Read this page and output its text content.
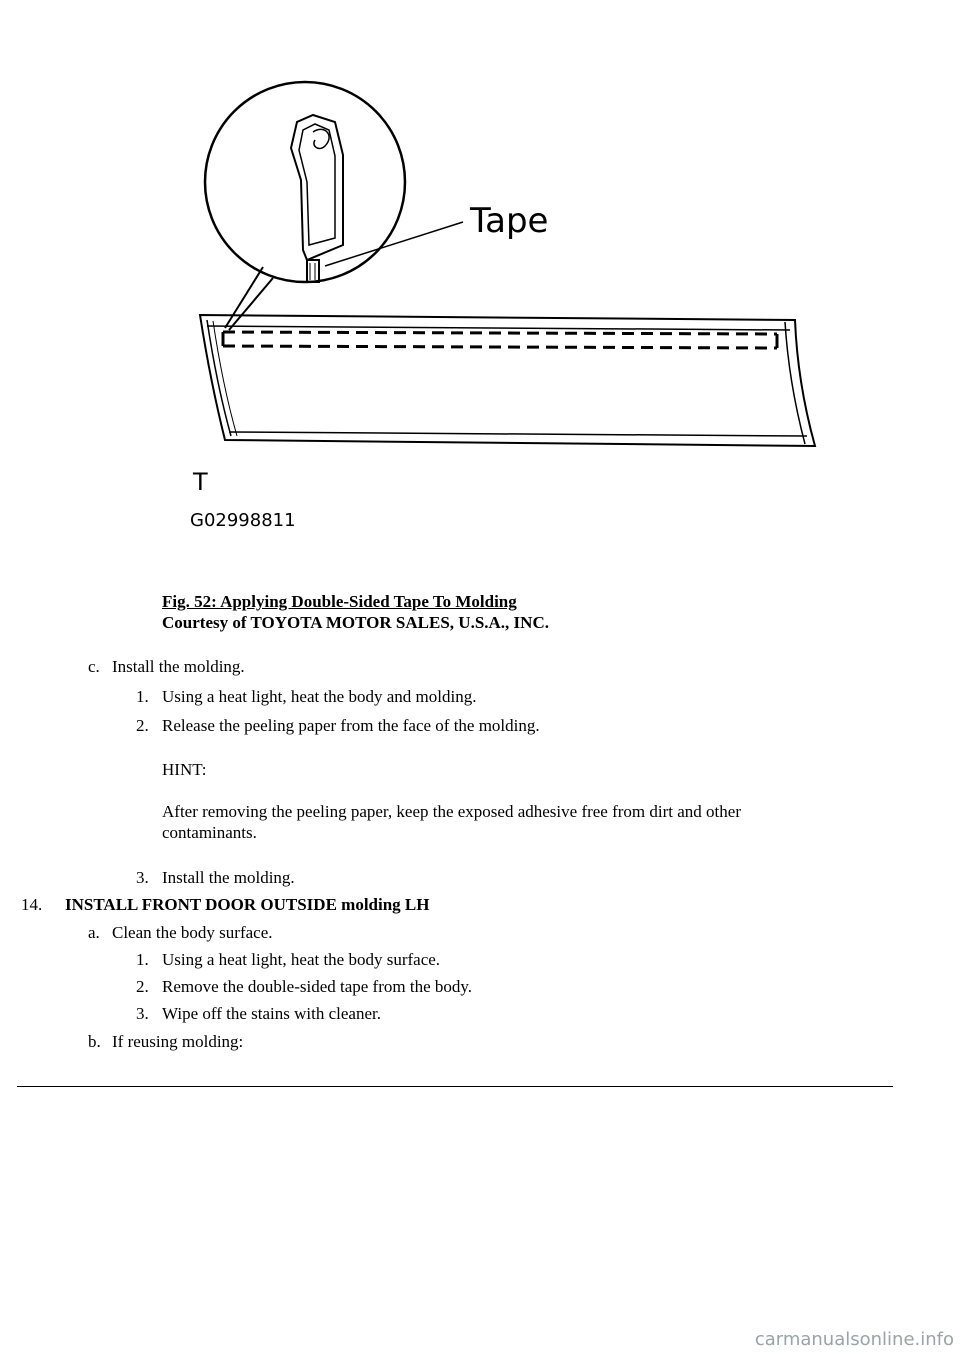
Tape
T
G02998811
Fig. 52: Applying Double-Sided Tape To Molding
Courtesy of TOYOTA MOTOR SALES, U.S.A., INC.
c. Install the molding.
1. Using a heat light, heat the body and molding.
2. Release the peeling paper from the face of the molding.
HINT:
After removing the peeling paper, keep the exposed adhesive free from dirt and other
contaminants.
3. Install the molding.
14. INSTALL FRONT DOOR OUTSIDE molding LH
a. Clean the body surface.
1. Using a heat light, heat the body surface.
2. Remove the double-sided tape from the body.
3. Wipe off the stains with cleaner.
b. If reusing molding:
carmanualsonline.info
